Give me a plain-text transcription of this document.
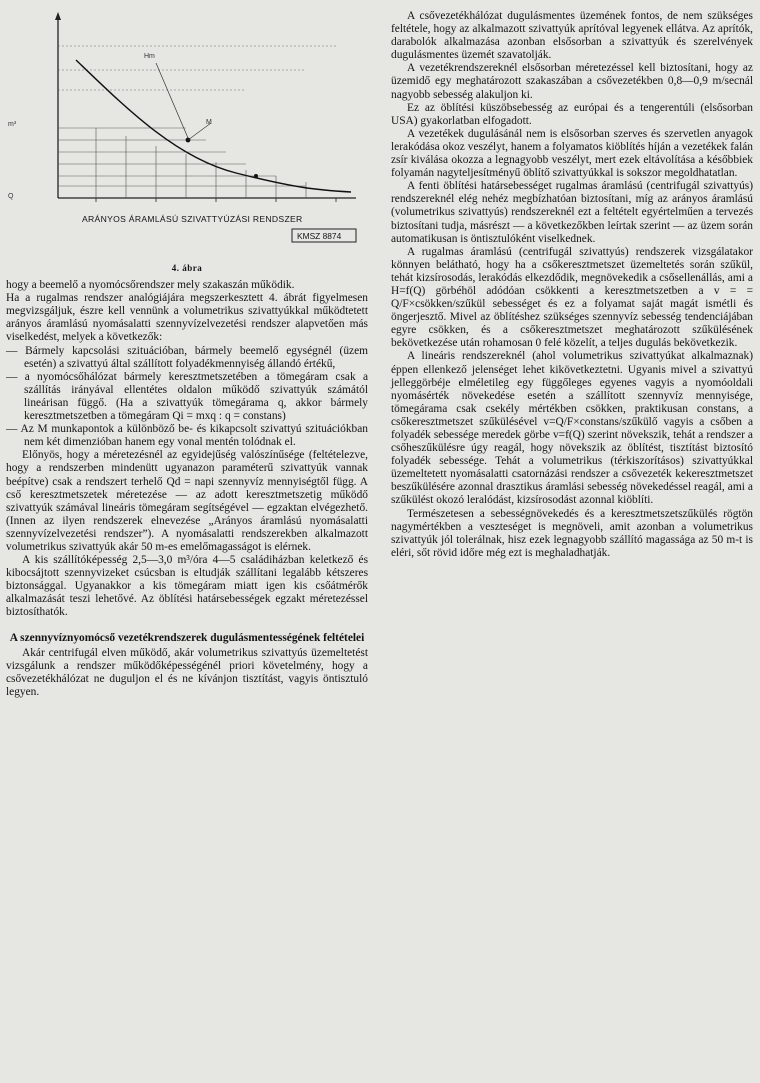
m³
Q
Hm
M
ARÁNYOS ÁRAMLÁSÚ SZIVATTYÚZÁSI RENDSZER
KMSZ 8874

4. ábra

hogy a beemelő a nyomócsőrendszer mely szakaszán működik.

Ha a rugalmas rendszer analógiájára megszerkesztett 4. ábrát figyelmesen megvizsgáljuk, észre kell vennünk a volumetrikus szivattyúkkal működtetett arányos áramlású nyomásalatti szennyvízelvezetési rendszer alapvetően más viselkedést, melyek a következők:

— Bármely kapcsolási szituációban, bármely beemelő egységnél (üzem esetén) a szivattyú által szállított folyadékmennyiség állandó értékű,

— a nyomócsőhálózat bármely keresztmetszetében a tömegáram csak a szállítás irányával ellentétes oldalon működő szivattyúk számától lineárisan függő. (Ha a szivattyúk tömegárama q, akkor bármely keresztmetszetben a tömegáram Qi = mxq : q = constans)

— Az M munkapontok a különböző be- és kikapcsolt szivattyú szituációkban nem két dimenzióban hanem egy vonal mentén tolódnak el.

Előnyös, hogy a méretezésnél az egyidejűség valószínűsége (feltételezve, hogy a rendszerben mindenütt ugyanazon paraméterű szivattyúk vannak beépítve) csak a rendszert terhelő Qd = napi szennyvíz mennyiségtől függ. A cső keresztmetszetek méretezése — az adott keresztmetszetig működő szivattyúk számával lineáris tömegáram segítségével — egzaktan elvégezhető. (Innen az ilyen rendszerek elnevezése „Arányos áramlású nyomásalatti szennyvízelvezetési rendszer”). A nyomásalatti rendszerekben alkalmazott volumetrikus szivattyúk akár 50 m-es emelőmagasságot is elérnek.

A kis szállítóképesség 2,5—3,0 m³/óra 4—5 családiházban keletkező és kibocsájtott szennyvizeket csúcsban is eltudják szállítani legalább kétszeres biztonsággal. Ugyanakkor a kis tömegáram miatt igen kis csőátmérők alkalmazását teszi lehetővé. Az öblítési határsebességek egzakt méretezéssel biztosíthatók.

A szennyvíznyomócső vezetékrendszerek dugulásmentességének feltételei

Akár centrifugál elven működő, akár volumetrikus szivattyús üzemeltetést vizsgálunk a rendszer működőképességénél priori követelmény, hogy a csővezetékhálózat ne duguljon el és ne kívánjon tisztítást, vagyis öntisztuló legyen.

A csővezetékhálózat dugulásmentes üzemének fontos, de nem szükséges feltétele, hogy az alkalmazott szivattyúk aprítóval legyenek ellátva. Az aprítók, darabolók alkalmazása azonban elsősorban a szivattyúk és szerelvények dugulásmentes üzemét szavatolják.

A vezetékrendszereknél elsősorban méretezéssel kell biztosítani, hogy az üzemidő egy meghatározott szakaszában a csővezetékben 0,8—0,9 m/secnál nagyobb sebesség alakuljon ki.

Ez az öblítési küszöbsebesség az európai és a tengerentúli (elsősorban USA) gyakorlatban elfogadott.

A vezetékek dugulásánál nem is elsősorban szerves és szervetlen anyagok lerakódása okoz veszélyt, hanem a folyamatos kiöblítés híján a vezetékek falán zsír kiválása okozza a legnagyobb veszélyt, mert ezek eltávolítása a későbbiek folyamán nagyteljesítményű öblítő szivattyúkkal is sokszor megoldhatatlan.

A fenti öblítési határsebességet rugalmas áramlású (centrifugál szivattyús) rendszereknél elég nehéz megbízhatóan biztosítani, míg az arányos áramlású (volumetrikus szivattyús) rendszereknél ezt a feltételt egyértelműen a tervezés biztosítani tudja, másrészt — a következőkben leírtak szerint — az üzem során automatikusan is öntisztulóként viselkednek.

A rugalmas áramlású (centrifugál szivattyús) rendszerek vizsgálatakor könnyen belátható, hogy ha a csőkeresztmetszet üzemeltetés során szűkül, tehát kizsírosodás, lerakódás elkezdődik, megnövekedik a csősellenállás, ami a H=f(Q) görbéhöl adódóan csökkenti a keresztmetszetben a v = = Q/F×csökken/szűkül sebességet és ez a folyamat saját magát ismétli és öngerjesztő. Mivel az öblítéshez szükséges szennyvíz sebesség tendenciájában egyre csökken, és a csőkeresztmetszet meghatározott szűkülésének bekövetkezése után rohamosan 0 felé közelít, a teljes dugulás bekövetkezik.

A lineáris rendszereknél (ahol volumetrikus szivattyúkat alkalmaznak) éppen ellenkező jelenséget lehet kikövetkeztetni. Ugyanis mivel a szivattyú jelleggörbéje elméletileg egy függőleges egyenes vagyis a nyomóoldali nyomásérték növekedése esetén a szállított szennyvíz mennyisége, tömegárama csak csekély mértékben csökken, praktikusan constans, a csőkeresztmetszet szűkülésével v=Q/F×constans/szűkülő vagyis a csőben a folyadék sebessége meredek görbe v=f(Q) szerint növekszik, tehát a rendszer a csőheszűkülésre úgy reagál, hogy növekszik az öblítést, tisztítást biztosító folyadék sebessége. Tehát a volumetrikus (térkiszorításos) szivattyúkkal üzemeltetett nyomásalatti csatornázási rendszer a csővezeték kekeresztmetszet beszűkülésére azonnal drasztikus áramlási sebesség növekedéssel reagál, ami a szűkülést okozó leralódást, kizsírosodást azonnal kiöblíti.

Természetesen a sebességnövekedés és a keresztmetszetszűkülés rögtön nagymértékben a veszteséget is megnöveli, amit azonban a volumetrikus szivattyúk jól tolerálnak, hisz ezek legnagyobb szállító magassága az 50 m-t is eléri, sőt rövid időre még ezt is meghaladhatják.
